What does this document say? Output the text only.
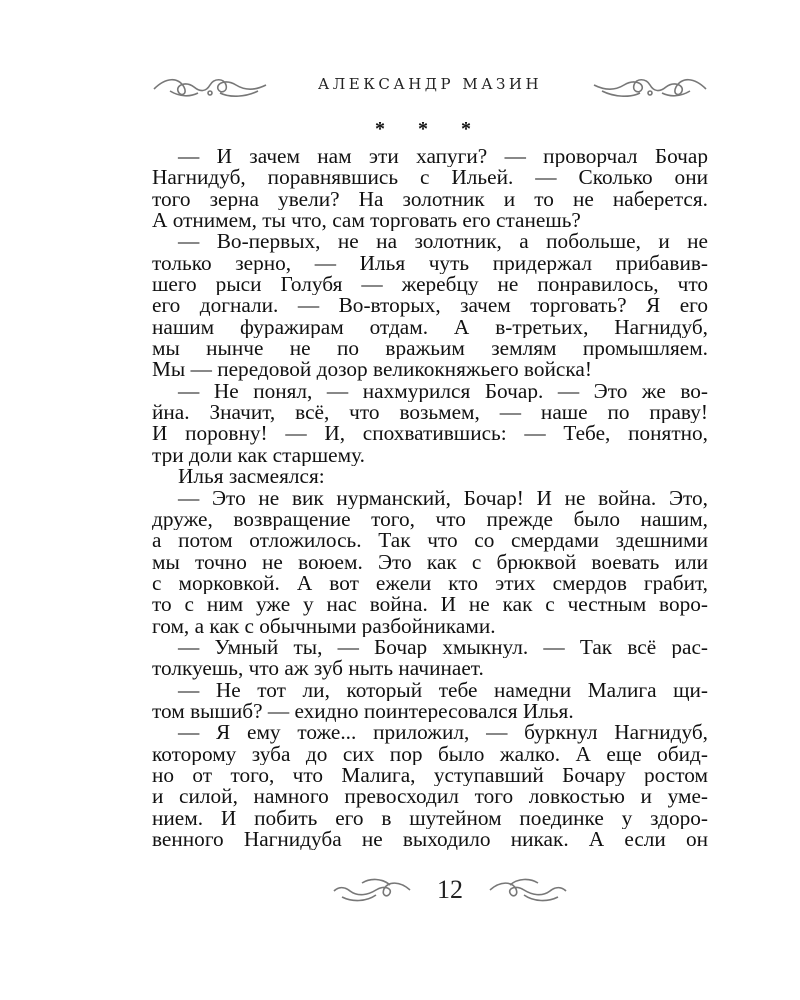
АЛЕКСАНДР МАЗИН
* * *
— И зачем нам эти хапуги? — проворчал Бочар
Нагнидуб, поравнявшись с Ильей. — Сколько они
того зерна увели? На золотник и то не наберется.
А отнимем, ты что, сам торговать его станешь?
— Во-первых, не на золотник, а побольше, и не
только зерно, — Илья чуть придержал прибавив-
шего рыси Голубя — жеребцу не понравилось, что
его догнали. — Во-вторых, зачем торговать? Я его
нашим фуражирам отдам. А в-третьих, Нагнидуб,
мы нынче не по вражьим землям промышляем.
Мы — передовой дозор великокняжьего войска!
— Не понял, — нахмурился Бочар. — Это же во-
йна. Значит, всё, что возьмем, — наше по праву!
И поровну! — И, спохватившись: — Тебе, понятно,
три доли как старшему.
Илья засмеялся:
— Это не вик нурманский, Бочар! И не война. Это,
друже, возвращение того, что прежде было нашим,
а потом отложилось. Так что со смердами здешними
мы точно не воюем. Это как с брюквой воевать или
с морковкой. А вот ежели кто этих смердов грабит,
то с ним уже у нас война. И не как с честным воро-
гом, а как с обычными разбойниками.
— Умный ты, — Бочар хмыкнул. — Так всё рас-
толкуешь, что аж зуб ныть начинает.
— Не тот ли, который тебе намедни Малига щи-
том вышиб? — ехидно поинтересовался Илья.
— Я ему тоже... приложил, — буркнул Нагнидуб,
которому зуба до сих пор было жалко. А еще обид-
но от того, что Малига, уступавший Бочару ростом
и силой, намного превосходил того ловкостью и уме-
нием. И побить его в шутейном поединке у здоро-
венного Нагнидуба не выходило никак. А если он
12
